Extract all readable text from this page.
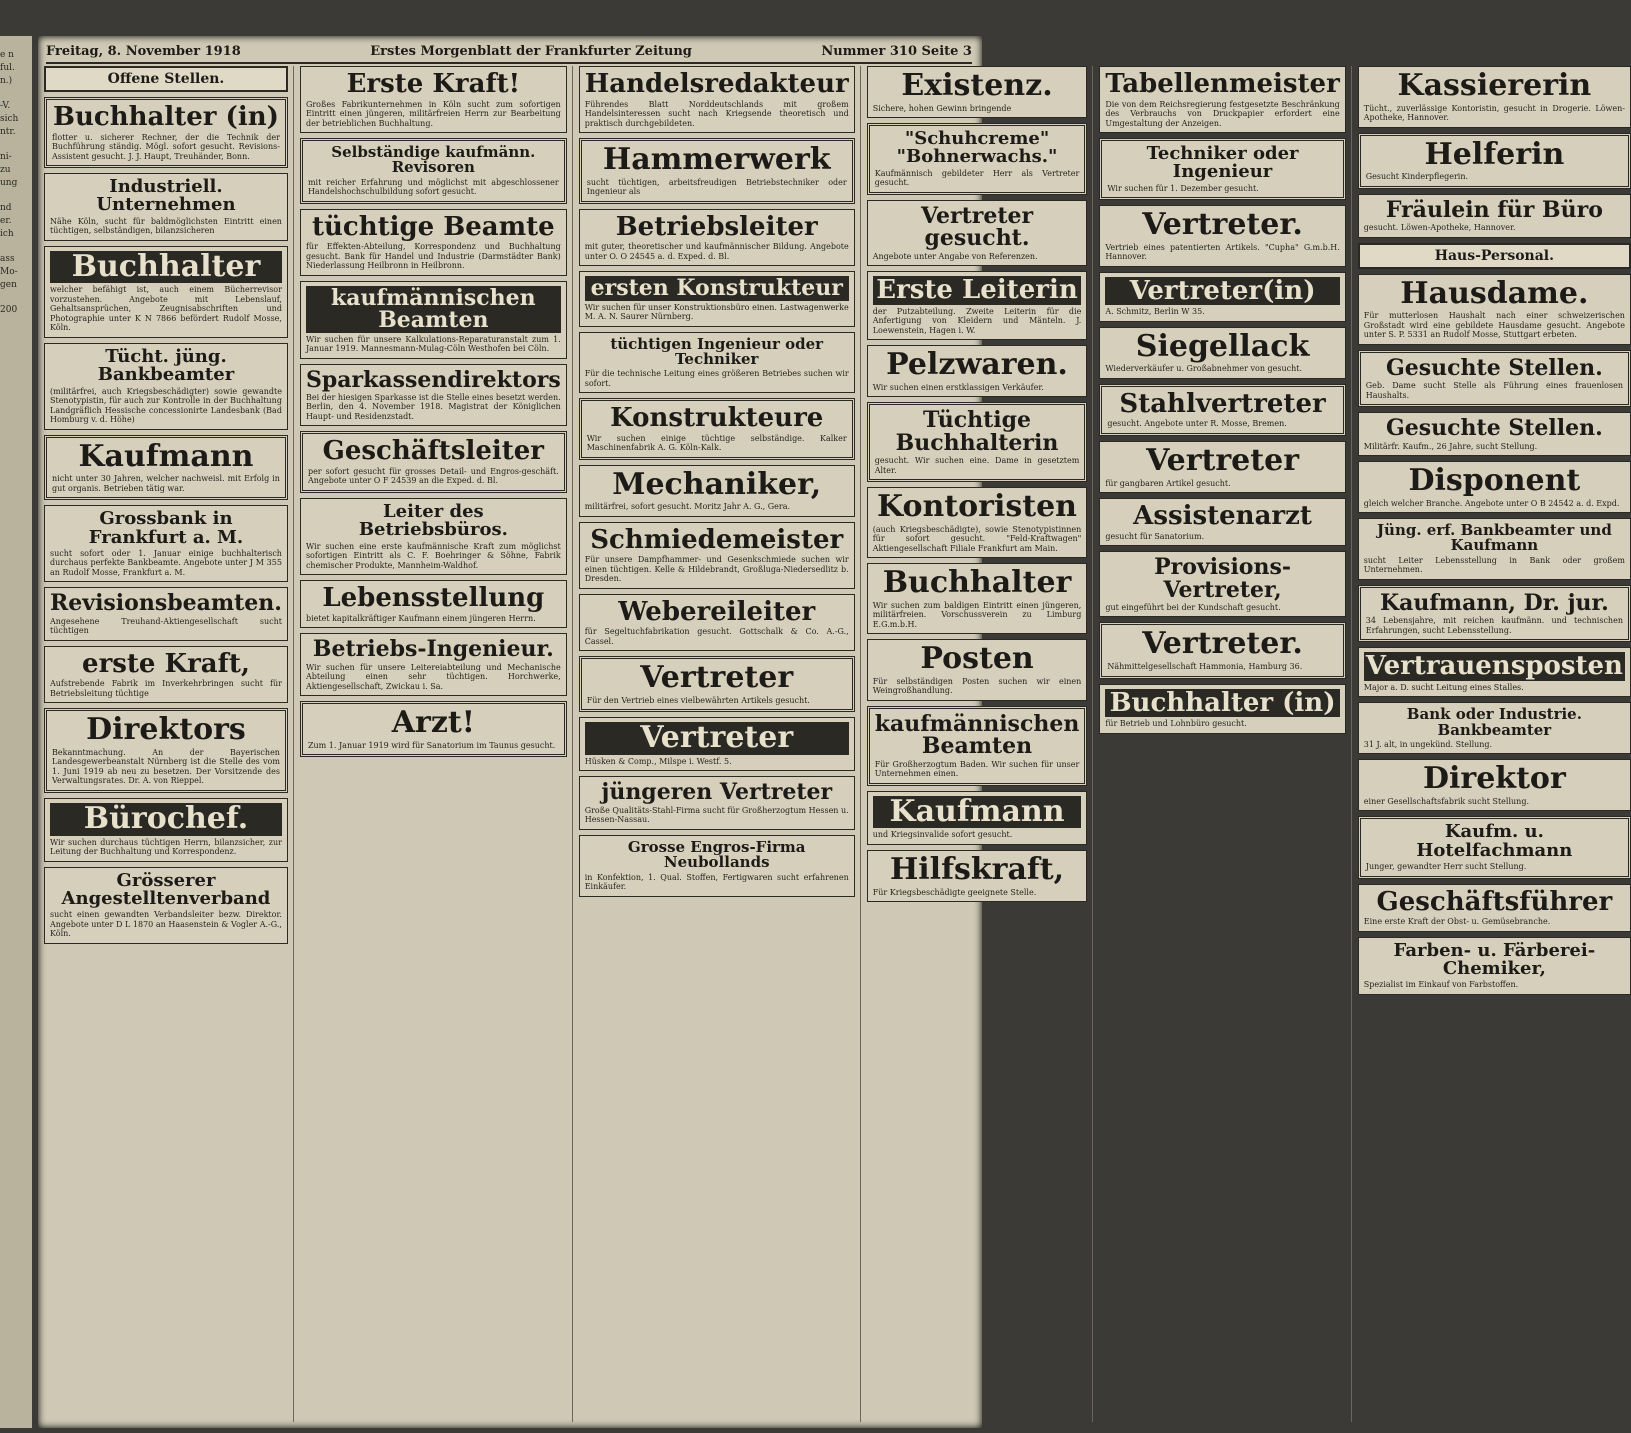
e n
ful.
n.)
-V.
sich
ntr.
ni-
zu
ung
nd
er.
ich
ass
Mo-
gen
200
Freitag, 8. November 1918	Erstes Morgenblatt der Frankfurter Zeitung	Nummer 310 Seite 3
Offene Stellen.
Buchhalter (in)

flotter u. sicherer Rechner, der die Technik der Buchführung ständig. Mögl. sofort gesucht. Revisions-Assistent gesucht. J. J. Haupt, Treuhänder, Bonn.

Industriell. Unternehmen

Nähe Köln, sucht für baldmöglichsten Eintritt einen tüchtigen, selbständigen, bilanzsicheren

Buchhalter

welcher befähigt ist, auch einem Bücherrevisor vorzustehen. Angebote mit Lebenslauf, Gehaltsansprüchen, Zeugnisabschriften und Photographie unter K N 7866 befördert Rudolf Mosse, Köln.

Tücht. jüng. Bankbeamter

(militärfrei, auch Kriegsbeschädigter) sowie gewandte Stenotypistin, für auch zur Kontrolle in der Buchhaltung Landgräflich Hessische concessionirte Landesbank (Bad Homburg v. d. Höhe)

Kaufmann

nicht unter 30 Jahren, welcher nachweisl. mit Erfolg in gut organis. Betrieben tätig war.

Grossbank in Frankfurt a. M.

sucht sofort oder 1. Januar einige buchhalterisch durchaus perfekte Bankbeamte. Angebote unter J M 355 an Rudolf Mosse, Frankfurt a. M.

Revisionsbeamten.

Angesehene Treuhand-Aktiengesellschaft sucht tüchtigen

erste Kraft,

Aufstrebende Fabrik im Inverkehrbringen sucht für Betriebsleitung tüchtige

Direktors

Bekanntmachung. An der Bayerischen Landesgewerbeanstalt Nürnberg ist die Stelle des vom 1. Juni 1919 ab neu zu besetzen. Der Vorsitzende des Verwaltungsrates. Dr. A. von Rieppel.

Bürochef.

Wir suchen durchaus tüchtigen Herrn, bilanzsicher, zur Leitung der Buchhaltung und Korrespondenz.

Grösserer Angestelltenverband

sucht einen gewandten Verbandsleiter bezw. Direktor. Angebote unter D L 1870 an Haasenstein & Vogler A.-G., Köln.

Erste Kraft!

Großes Fabrikunternehmen in Köln sucht zum sofortigen Eintritt einen jüngeren, militärfreien Herrn zur Bearbeitung der betrieblichen Buchhaltung.

Selbständige kaufmänn. Revisoren

mit reicher Erfahrung und möglichst mit abgeschlossener Handelshochschulbildung sofort gesucht.

tüchtige Beamte

für Effekten-Abteilung, Korrespondenz und Buchhaltung gesucht. Bank für Handel und Industrie (Darmstädter Bank) Niederlassung Heilbronn in Heilbronn.

kaufmännischen Beamten

Wir suchen für unsere Kalkulations-Reparaturanstalt zum 1. Januar 1919. Mannesmann-Mulag-Cöln Westhofen bei Cöln.

Sparkassendirektors

Bei der hiesigen Sparkasse ist die Stelle eines besetzt werden. Berlin, den 4. November 1918. Magistrat der Königlichen Haupt- und Residenzstadt.

Geschäftsleiter

per sofort gesucht für grosses Detail- und Engros-geschäft. Angebote unter O F 24539 an die Exped. d. Bl.

Leiter des Betriebsbüros.

Wir suchen eine erste kaufmännische Kraft zum möglichst sofortigen Eintritt als C. F. Boehringer & Söhne, Fabrik chemischer Produkte, Mannheim-Waldhof.

Lebensstellung

bietet kapitalkräftiger Kaufmann einem jüngeren Herrn.

Betriebs-Ingenieur.

Wir suchen für unsere Leitereiabteilung und Mechanische Abteilung einen sehr tüchtigen. Horchwerke, Aktiengesellschaft, Zwickau i. Sa.

Arzt!

Zum 1. Januar 1919 wird für Sanatorium im Taunus gesucht.

Handelsredakteur

Führendes Blatt Norddeutschlands mit großem Handelsinteressen sucht nach Kriegsende theoretisch und praktisch durchgebildeten.

Hammerwerk

sucht tüchtigen, arbeitsfreudigen Betriebstechniker oder Ingenieur als

Betriebsleiter

mit guter, theoretischer und kaufmännischer Bildung. Angebote unter O. O 24545 a. d. Exped. d. Bl.

ersten Konstrukteur

Wir suchen für unser Konstruktionsbüro einen. Lastwagenwerke M. A. N. Saurer Nürnberg.

tüchtigen Ingenieur oder Techniker

Für die technische Leitung eines größeren Betriebes suchen wir sofort.

Konstrukteure

Wir suchen einige tüchtige selbständige. Kalker Maschinenfabrik A. G. Köln-Kalk.

Mechaniker,

militärfrei, sofort gesucht. Moritz Jahr A. G., Gera.

Schmiedemeister

Für unsere Dampfhammer- und Gesenkschmiede suchen wir einen tüchtigen. Kelle & Hildebrandt, Großluga-Niedersedlitz b. Dresden.

Webereileiter

für Segeltuchfabrikation gesucht. Gottschalk & Co. A.-G., Cassel.

Vertreter

Für den Vertrieb eines vielbewährten Artikels gesucht.

Vertreter

Hüsken & Comp., Milspe i. Westf. 5.

jüngeren Vertreter

Große Qualitäts-Stahl-Firma sucht für Großherzogtum Hessen u. Hessen-Nassau.

Grosse Engros-Firma Neubollands

in Konfektion, 1. Qual. Stoffen, Fertigwaren sucht erfahrenen Einkäufer.

Existenz.

Sichere, hohen Gewinn bringende

"Schuhcreme" "Bohnerwachs."

Kaufmännisch gebildeter Herr als Vertreter gesucht.

Vertreter gesucht.

Angebote unter Angabe von Referenzen.

Erste Leiterin

der Putzabteilung. Zweite Leiterin für die Anfertigung von Kleidern und Mänteln. J. Loewenstein, Hagen i. W.

Pelzwaren.

Wir suchen einen erstklassigen Verkäufer.

Tüchtige Buchhalterin

gesucht. Wir suchen eine. Dame in gesetztem Alter.

Kontoristen

(auch Kriegsbeschädigte), sowie Stenotypistinnen für sofort gesucht. "Feld-Kraftwagen" Aktiengesellschaft Filiale Frankfurt am Main.

Buchhalter

Wir suchen zum baldigen Eintritt einen jüngeren, militärfreien. Vorschussverein zu Limburg E.G.m.b.H.

Posten

Für selbständigen Posten suchen wir einen Weingroßhandlung.

kaufmännischen Beamten

Für Großherzogtum Baden. Wir suchen für unser Unternehmen einen.

Kaufmann

und Kriegsinvalide sofort gesucht.

Hilfskraft,

Für Kriegsbeschädigte geeignete Stelle.

Tabellenmeister

Die von dem Reichsregierung festgesetzte Beschränkung des Verbrauchs von Druckpapier erfordert eine Umgestaltung der Anzeigen.

Techniker oder Ingenieur

Wir suchen für 1. Dezember gesucht.

Vertreter.

Vertrieb eines patentierten Artikels. "Cupha" G.m.b.H. Hannover.

Vertreter(in)

A. Schmitz, Berlin W 35.

Siegellack

Wiederverkäufer u. Großabnehmer von gesucht.

Stahlvertreter

gesucht. Angebote unter R. Mosse, Bremen.

Vertreter

für gangbaren Artikel gesucht.

Assistenarzt

gesucht für Sanatorium.

Provisions-Vertreter,

gut eingeführt bei der Kundschaft gesucht.

Vertreter.

Nähmittelgesellschaft Hammonia, Hamburg 36.

Buchhalter (in)

für Betrieb und Lohnbüro gesucht.

Kassiererin

Tücht., zuverlässige Kontoristin, gesucht in Drogerie. Löwen-Apotheke, Hannover.

Helferin

Gesucht Kinderpflegerin.

Fräulein für Büro

gesucht. Löwen-Apotheke, Hannover.

Haus-Personal.
Hausdame.

Für mutterlosen Haushalt nach einer schweizerischen Großstadt wird eine gebildete Hausdame gesucht. Angebote unter S. P. 5331 an Rudolf Mosse, Stuttgart erbeten.

Gesuchte Stellen.

Geb. Dame sucht Stelle als Führung eines frauenlosen Haushalts.

Gesuchte Stellen.

Militärfr. Kaufm., 26 Jahre, sucht Stellung.

Disponent

gleich welcher Branche. Angebote unter O B 24542 a. d. Expd.

Jüng. erf. Bankbeamter und Kaufmann

sucht Leiter Lebensstellung in Bank oder großem Unternehmen.

Kaufmann, Dr. jur.

34 Lebensjahre, mit reichen kaufmänn. und technischen Erfahrungen, sucht Lebensstellung.

Vertrauensposten

Major a. D. sucht Leitung eines Stalles.

Bank oder Industrie. Bankbeamter

31 J. alt, in ungekünd. Stellung.

Direktor

einer Gesellschaftsfabrik sucht Stellung.

Kaufm. u. Hotelfachmann

Junger, gewandter Herr sucht Stellung.

Geschäftsführer

Eine erste Kraft der Obst- u. Gemüsebranche.

Farben- u. Färberei-Chemiker,

Spezialist im Einkauf von Farbstoffen.
